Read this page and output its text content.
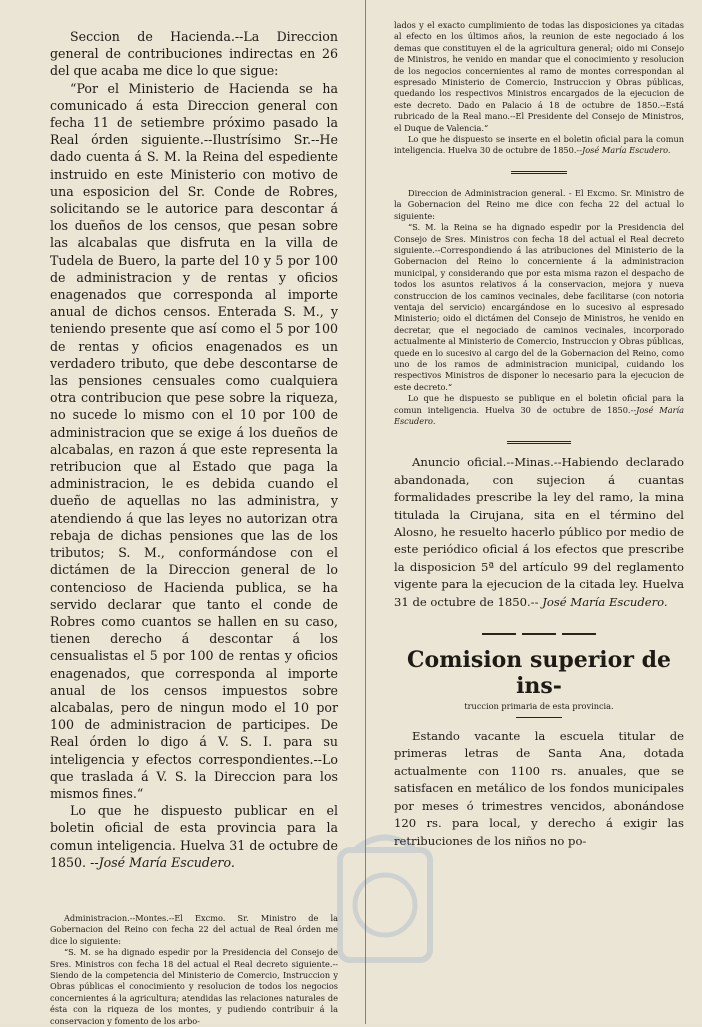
Seccion de Hacienda.--La Direccion general de contribuciones indirectas en 26 del que acaba me dice lo que sigue:

“Por el Ministerio de Hacienda se ha comunicado á esta Direccion general con fecha 11 de setiembre próximo pasado la Real órden siguiente.--Ilustrísimo Sr.--He dado cuenta á S. M. la Reina del espediente instruido en este Ministerio con motivo de una esposicion del Sr. Conde de Robres, solicitando se le autorice para descontar á los dueños de los censos, que pesan sobre las alcabalas que disfruta en la villa de Tudela de Buero, la parte del 10 y 5 por 100 de administracion y de rentas y oficios enagenados que corresponda al importe anual de dichos censos. Enterada S. M., y teniendo presente que así como el 5 por 100 de rentas y oficios enagenados es un verdadero tributo, que debe descontarse de las pensiones censuales como cualquiera otra contribucion que pese sobre la riqueza, no sucede lo mismo con el 10 por 100 de administracion que se exige á los dueños de alcabalas, en razon á que este representa la retribucion que al Estado que paga la administracion, le es debida cuando el dueño de aquellas no las administra, y atendiendo á que las leyes no autorizan otra rebaja de dichas pensiones que las de los tributos; S. M., conformándose con el dictámen de la Direccion general de lo contencioso de Hacienda publica, se ha servido declarar que tanto el conde de Robres como cuantos se hallen en su caso, tienen derecho á descontar á los censualistas el 5 por 100 de rentas y oficios enagenados, que corresponda al importe anual de los censos impuestos sobre alcabalas, pero de ningun modo el 10 por 100 de administracion de participes. De Real órden lo digo á V. S. I. para su inteligencia y efectos correspondientes.--Lo que traslada á V. S. la Direccion para los mismos fines.“

Lo que he dispuesto publicar en el boletin oficial de esta provincia para la comun inteligencia. Huelva 31 de octubre de 1850. --José María Escudero.

Administracion.--Montes.--El Excmo. Sr. Ministro de la Gobernacion del Reino con fecha 22 del actual de Real órden me dice lo siguiente:

“S. M. se ha dignado espedir por la Presidencia del Consejo de Sres. Ministros con fecha 18 del actual el Real decreto siguiente.--Siendo de la competencia del Ministerio de Comercio, Instruccion y Obras públicas el conocimiento y resolucion de todos los negocios concernientes á la agricultura; atendidas las relaciones naturales de ésta con la riqueza de los montes, y pudiendo contribuir á la conservacion y fomento de los arbo-

lados y el exacto cumplimiento de todas las disposiciones ya citadas al efecto en los últimos años, la reunion de este negociado á los demas que constituyen el de la agricultura general; oido mi Consejo de Ministros, he venido en mandar que el conocimiento y resolucion de los negocios concernientes al ramo de montes correspondan al espresado Ministerio de Comercio, Instruccion y Obras públicas, quedando los respectivos Ministros encargados de la ejecucion de este decreto. Dado en Palacio á 18 de octubre de 1850.--Está rubricado de la Real mano.--El Presidente del Consejo de Ministros, el Duque de Valencia.“

Lo que he dispuesto se inserte en el boletin oficial para la comun inteligencia. Huelva 30 de octubre de 1850.--José María Escudero.

Direccion de Administracion general. - El Excmo. Sr. Ministro de la Gobernacion del Reino me dice con fecha 22 del actual lo siguiente:

“S. M. la Reina se ha dignado espedir por la Presidencia del Consejo de Sres. Ministros con fecha 18 del actual el Real decreto siguiente.--Correspondiendo á las atribuciones del Ministerio de la Gobernacion del Reino lo concerniente á la administracion municipal, y considerando que por esta misma razon el despacho de todos los asuntos relativos á la conservacion, mejora y nueva construccion de los caminos vecinales, debe facilitarse (con notoria ventaja del servicio) encargándose en lo sucesivo al espresado Ministerio; oido el dictámen del Consejo de Ministros, he venido en decretar, que el negociado de caminos vecinales, incorporado actualmente al Ministerio de Comercio, Instruccion y Obras públicas, quede en lo sucesivo al cargo del de la Gobernacion del Reino, como uno de los ramos de administracion municipal, cuidando los respectivos Ministros de disponer lo necesario para la ejecucion de este decreto.“

Lo que he dispuesto se publique en el boletin oficial para la comun inteligencia. Huelva 30 de octubre de 1850.--José María Escudero.

Anuncio oficial.--Minas.--Habiendo declarado abandonada, con sujecion á cuantas formalidades prescribe la ley del ramo, la mina titulada la Cirujana, sita en el término del Alosno, he resuelto hacerlo público por medio de este periódico oficial á los efectos que prescribe la disposicion 5ª del artículo 99 del reglamento vigente para la ejecucion de la citada ley. Huelva 31 de octubre de 1850.-- José María Escudero.

Comision superior de ins-

truccion primaria de esta provincia.

Estando vacante la escuela titular de primeras letras de Santa Ana, dotada actualmente con 1100 rs. anuales, que se satisfacen en metálico de los fondos municipales por meses ó trimestres vencidos, abonándose 120 rs. para local, y derecho á exigir las retribuciones de los niños no po-
